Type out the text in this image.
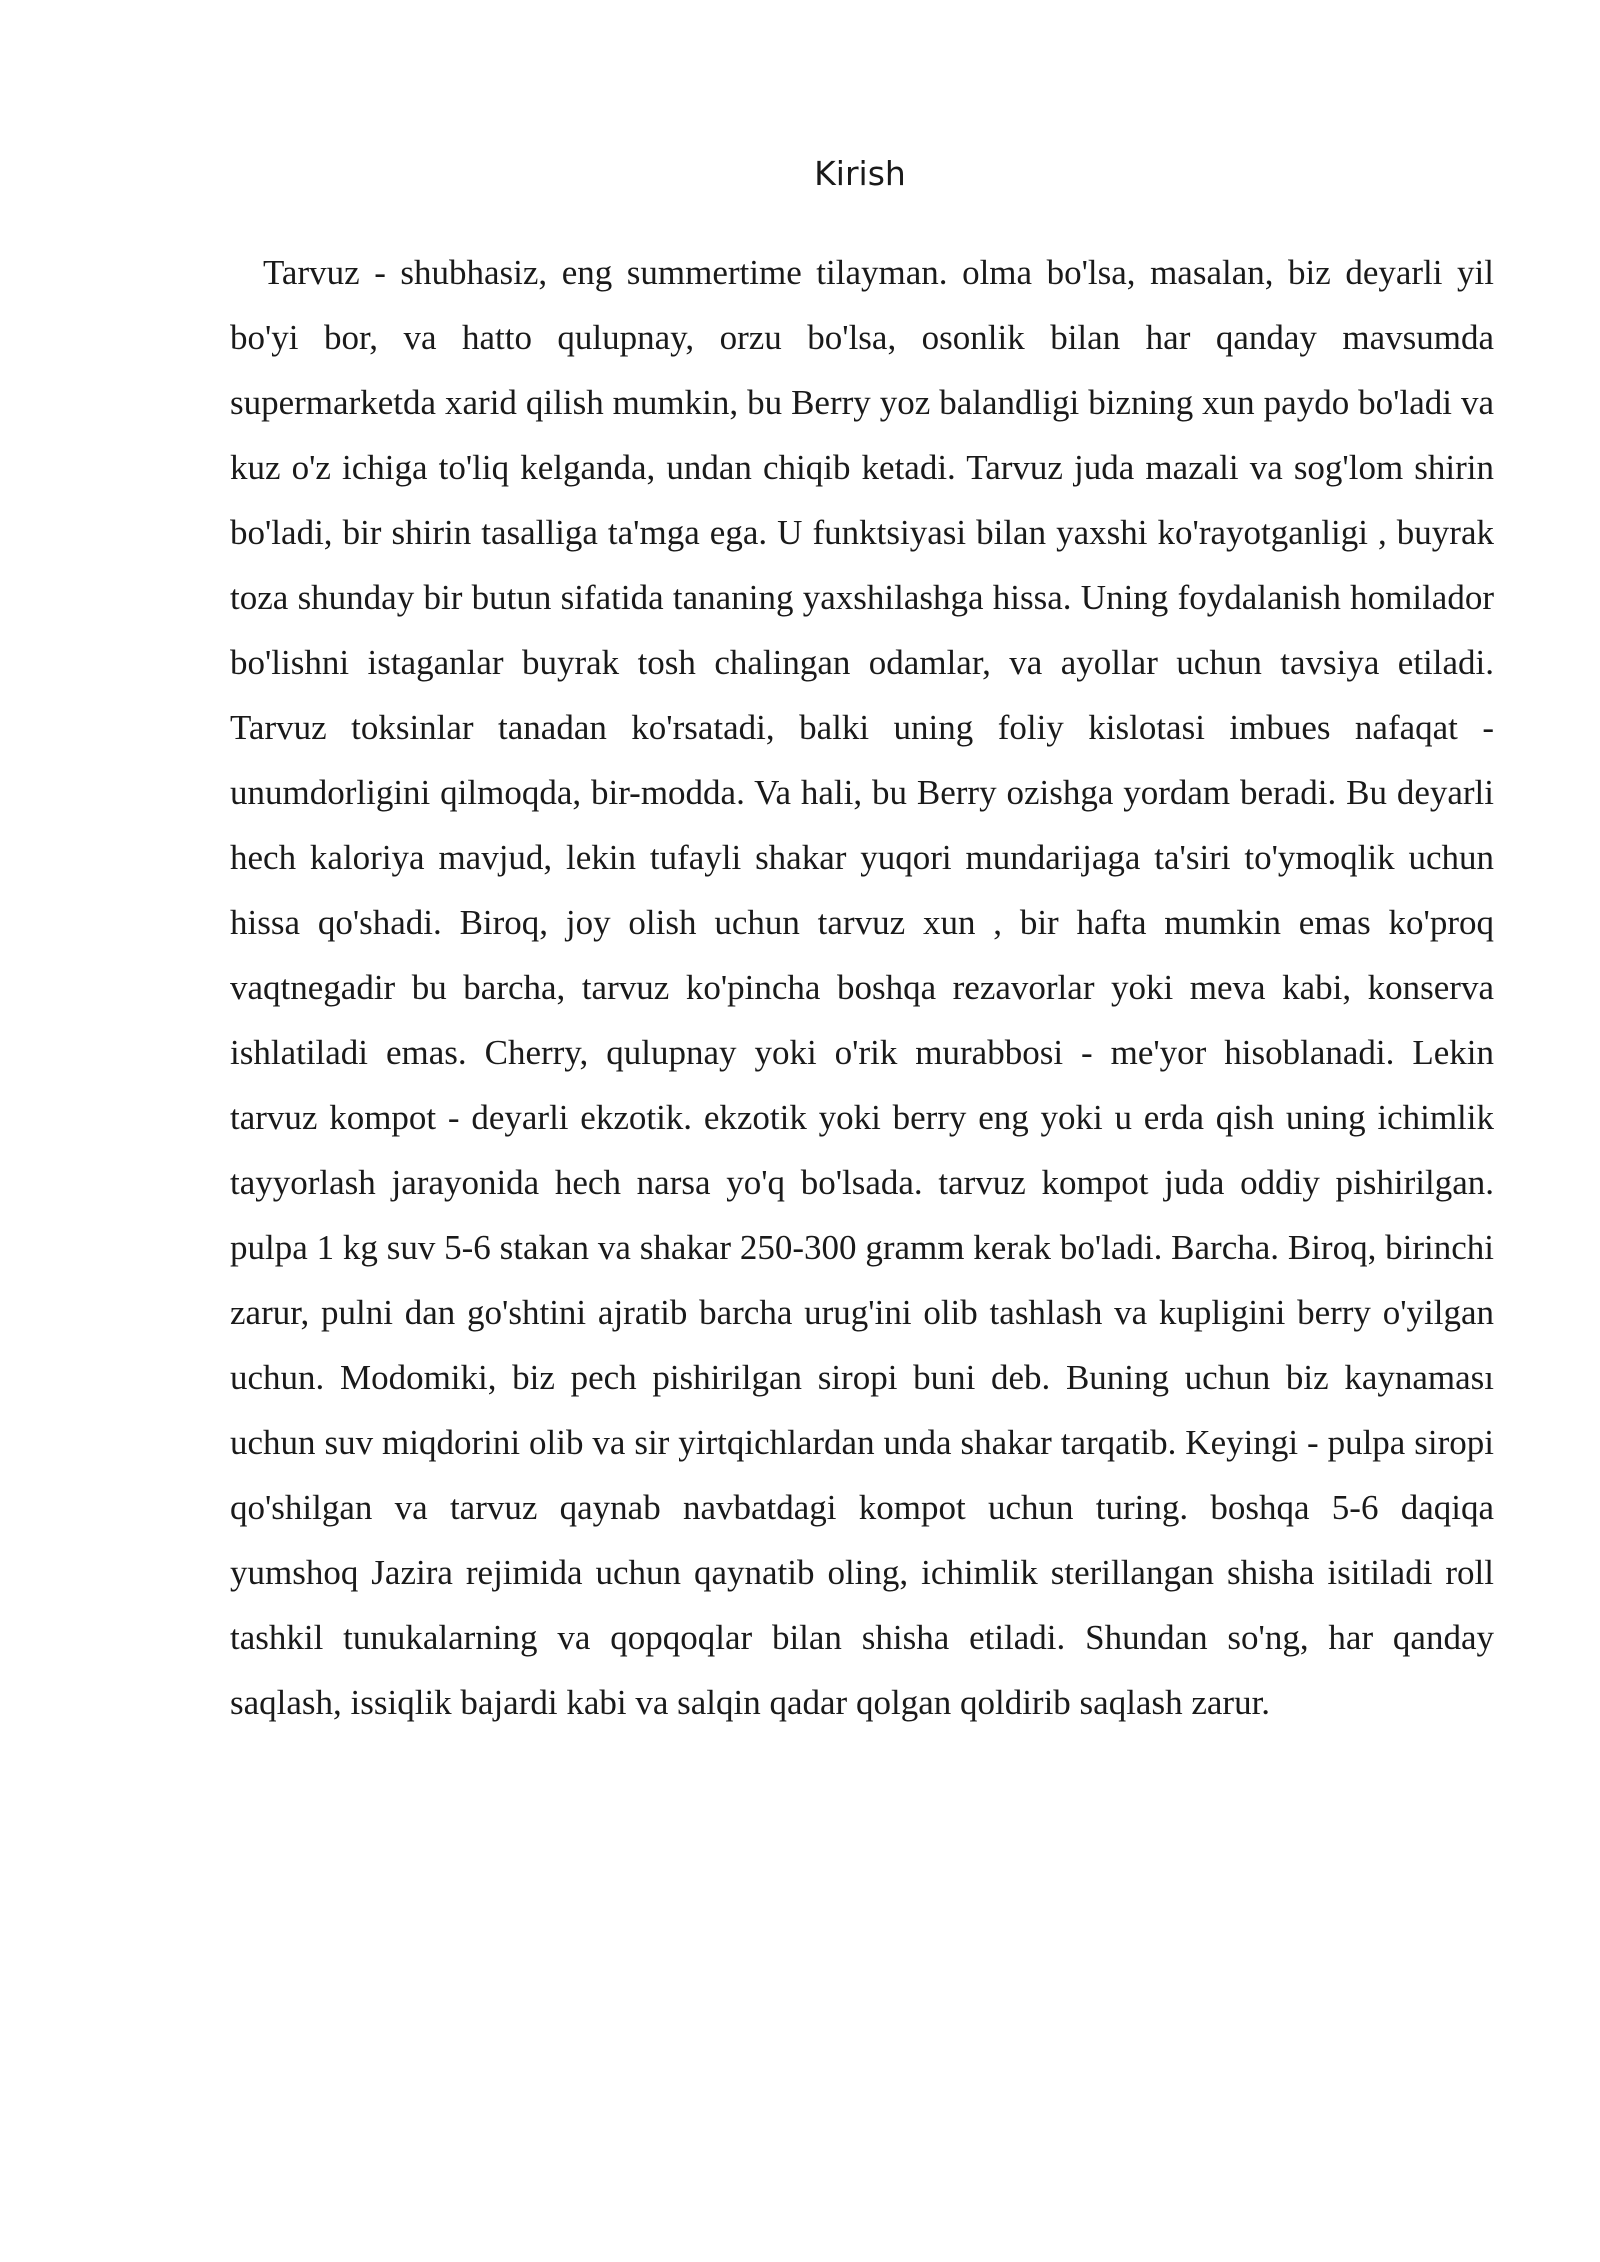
Kirish

Tarvuz - shubhasiz, eng summertime tilayman. olma bo'lsa, masalan, biz deyarli yil bo'yi bor, va hatto qulupnay, orzu bo'lsa, osonlik bilan har qanday mavsumda supermarketda xarid qilish mumkin, bu Berry yoz balandligi bizning xun paydo bo'ladi va kuz o'z ichiga to'liq kelganda, undan chiqib ketadi. Tarvuz juda mazali va sog'lom shirin bo'ladi, bir shirin tasalliga ta'mga ega. U funktsiyasi bilan yaxshi ko'rayotganligi , buyrak toza shunday bir butun sifatida tananing yaxshilashga hissa. Uning foydalanish homilador bo'lishni istaganlar buyrak tosh chalingan odamlar, va ayollar uchun tavsiya etiladi. Tarvuz toksinlar tanadan ko'rsatadi, balki uning foliy kislotasi imbues nafaqat - unumdorligini qilmoqda, bir-modda. Va hali, bu Berry ozishga yordam beradi. Bu deyarli hech kaloriya mavjud, lekin tufayli shakar yuqori mundarijaga ta'siri to'ymoqlik uchun hissa qo'shadi. Biroq, joy olish uchun tarvuz xun , bir hafta mumkin emas ko'proq vaqtnegadir bu barcha, tarvuz ko'pincha boshqa rezavorlar yoki meva kabi, konserva ishlatiladi emas. Cherry, qulupnay yoki o'rik murabbosi - me'yor hisoblanadi. Lekin tarvuz kompot - deyarli ekzotik. ekzotik yoki berry eng yoki u erda qish uning ichimlik tayyorlash jarayonida hech narsa yo'q bo'lsada. tarvuz kompot juda oddiy pishirilgan. pulpa 1 kg suv 5-6 stakan va shakar 250-300 gramm kerak bo'ladi. Barcha. Biroq, birinchi zarur, pulni dan go'shtini ajratib barcha urug'ini olib tashlash va kupligini berry o'yilgan uchun. Modomiki, biz pech pishirilgan siropi buni deb. Buning uchun biz kaynaması uchun suv miqdorini olib va sir yirtqichlardan unda shakar tarqatib. Keyingi - pulpa siropi qo'shilgan va tarvuz qaynab navbatdagi kompot uchun turing. boshqa 5-6 daqiqa yumshoq Jazira rejimida uchun qaynatib oling, ichimlik sterillangan shisha isitiladi roll tashkil tunukalarning va qopqoqlar bilan shisha etiladi. Shundan so'ng, har qanday saqlash, issiqlik bajardi kabi va salqin qadar qolgan qoldirib saqlash zarur.
